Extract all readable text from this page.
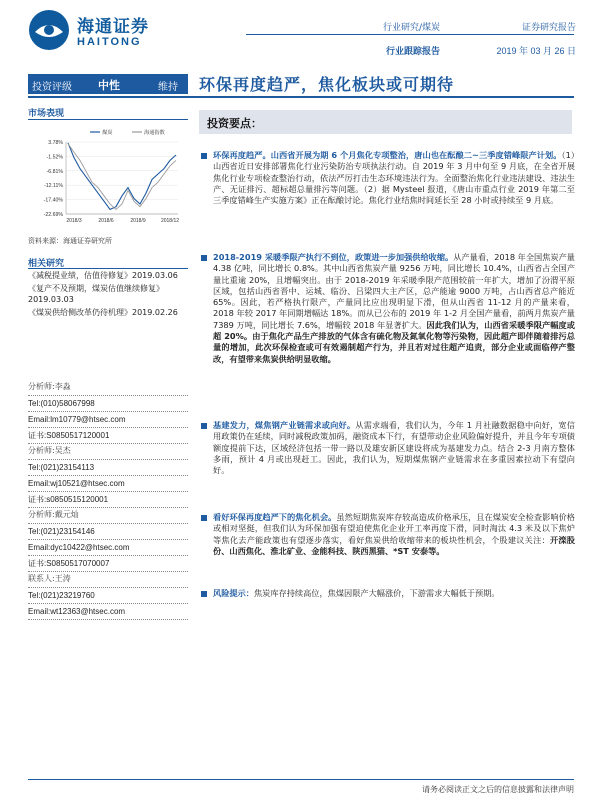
海通证券
HAITONG
行业研究/煤炭
行业跟踪报告
证券研究报告
2019 年 03 月 26 日
投资评级 中性	维持 环保再度趋严，焦化板块或可期待
市场表现
3.78%
-1.52%
-6.81%
-12.11%
-17.40%
-22.69%
2018/3	2018/6	2018/9	2018/12
煤炭	海通指数
资料来源：海通证券研究所
相关研究
《减税提业绩，估值待修复》2019.03.06
《复产不及预期，煤炭估值继续修复》2019.03.03
《煤炭供给侧改革仍待机理》2019.02.26
分析师:李淼
Tel:(010)58067998
Email:lm10779@htsec.com
证书:S0850517120001
分析师:吴杰
Tel:(021)23154113
Email:wj10521@htsec.com
证书:s0850515120001
分析师:戴元灿
Tel:(021)23154146
Email:dyc10422@htsec.com
证书:S0850517070007
联系人:王涛
Tel:(021)23219760
Email:wt12363@htsec.com
投资要点：
环保再度趋严。山西省开展为期 6 个月焦化专项整治，唐山也在酝酿二~三季度错峰限产计划。（1）山西省近日安排部署焦化行业污染防治专项执法行动。自 2019 年 3 月中旬至 9 月底，在全省开展焦化行业专项检查整治行动，依法严厉打击生态环境违法行为。全面整治焦化行业违法建设、违法生产、无证排污、超标超总量排污等问题。（2）据 Mysteel 报道，《唐山市重点行业 2019 年第二至三季度错峰生产实施方案》正在酝酿讨论。焦化行业结焦时间延长至 28 小时或持续至 9 月底。
2018-2019 采暖季限产执行不到位，政策进一步加强供给收缩。从产量看，2018 年全国焦炭产量 4.38 亿吨，同比增长 0.8%。其中山西省焦炭产量 9256 万吨，同比增长 10.4%，山西省占全国产量比重逾 20%，且增幅突出。由于 2018-2019 年采暖季限产范围较前一年扩大，增加了汾渭平原区域，包括山西省晋中、运城、临汾、吕梁四大主产区，总产能逾 9000 万吨，占山西省总产能近 65%。因此，若严格执行限产，产量同比应出现明显下滑，但从山西省 11-12 月的产量来看，2018 年较 2017 年同期增幅达 18%。而从已公布的 2019 年 1-2 月全国产量看，前两月焦炭产量 7389 万吨，同比增长 7.6%，增幅较 2018 年显著扩大。因此我们认为，山西省采暖季限产幅度或超 20%。由于焦化产品生产排放的气体含有硫化物及氮氧化物等污染物，因此超产即伴随着排污总量的增加，此次环保检查或可有效遏制超产行为，并且若对过往超产追责，部分企业或面临停产整改，有望带来焦炭供给明显收缩。
基建发力，煤焦钢产业链需求或向好。从需求端看，我们认为，今年 1 月社融数据稳中向好，宽信用政策仍在延续，同时减税政策加码，融资成本下行，有望带动企业风险偏好提升，并且今年专项债额度提前下达，区域经济包括一带一路以及雄安新区建设将成为基建发力点。结合 2-3 月南方整体多雨，预计 4 月或出现赶工。因此，我们认为，短期煤焦钢产业链需求在多重因素拉动下有望向好。
看好环保再度趋严下的焦化机会。虽然短期焦炭库存较高造成价格承压，且在煤炭安全检查影响价格或相对坚挺，但我们认为环保加强有望迫使焦化企业开工率再度下滑，同时淘汰 4.3 米及以下焦炉等焦化去产能政策也有望逐步落实，看好焦炭供给收缩带来的板块性机会，个股建议关注：开滦股份、山西焦化、淮北矿业、金能科技、陕西黑猫、*ST 安泰等。
风险提示：焦炭库存持续高位，焦煤因限产大幅涨价，下游需求大幅低于预期。
请务必阅读正文之后的信息披露和法律声明
